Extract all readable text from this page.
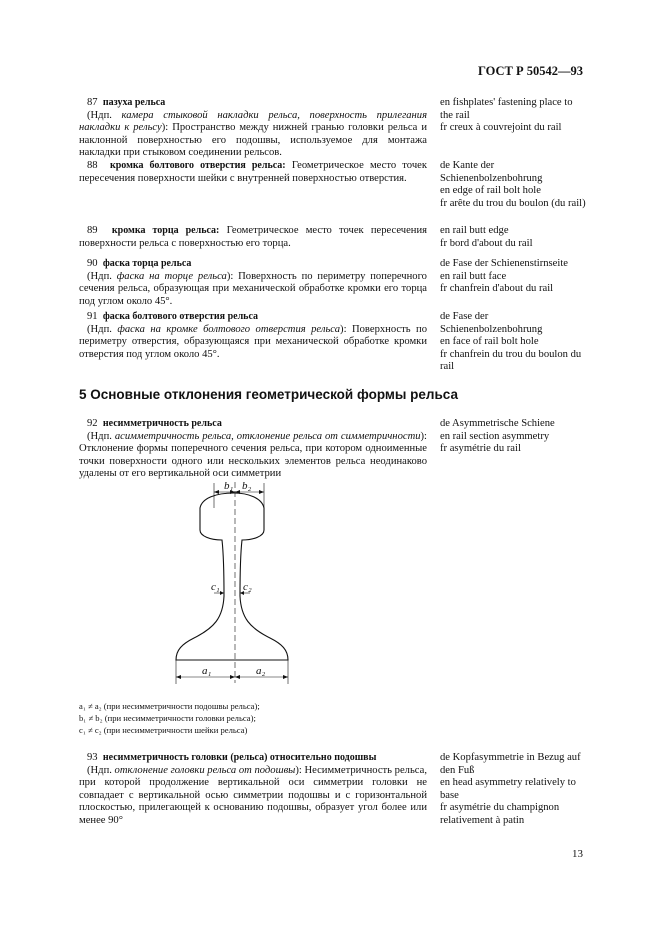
ГОСТ Р 50542—93

87 пазуха рельса

(Ндп. камера стыковой накладки рельса, поверхность прилегания накладки к рельсу): Пространство между нижней гранью головки рельса и наклонной поверхностью его подошвы, используемое для монтажа накладки при стыковом соединении рельсов.

en fishplates' fastening place to the rail
fr creux à couvrejoint du rail

88 кромка болтового отверстия рельса: Геометрическое место точек пересечения поверхности шейки с внутренней поверхностью отверстия.

de Kante der Schienenbolzenbohrung
en edge of rail bolt hole
fr arête du trou du boulon (du rail)

89 кромка торца рельса: Геометрическое место точек пересечения поверхности рельса с поверхностью его торца.

en rail butt edge
fr bord d'about du rail

90 фаска торца рельса

(Ндп. фаска на торце рельса): Поверхность по периметру поперечного сечения рельса, образующая при механической обработке кромки его торца под углом около 45°.

de Fase der Schienenstirnseite
en rail butt face
fr chanfrein d'about du rail

91 фаска болтового отверстия рельса

(Ндп. фаска на кромке болтового отверстия рельса): Поверхность по периметру отверстия, образующаяся при механической обработке кромки отверстия под углом около 45°.

de Fase der Schienenbolzenbohrung
en face of rail bolt hole
fr chanfrein du trou du boulon du rail
5 Основные отклонения геометрической формы рельса

92 несимметричность рельса

(Ндп. асимметричность рельса, отклонение рельса от симметричности): Отклонение формы поперечного сечения рельса, при котором одноименные точки поверхности одного или нескольких элементов рельса неодинаково удалены от его вертикальной оси симметрии

de Asymmetrische Schiene
en rail section asymmetry
fr asymétrie du rail
b₁ b₂
c₁ c₂
a₁	a₂
a₁ ≠ a₂ (при несимметричности подошвы рельса);
b₁ ≠ b₂ (при несимметричности головки рельса);
c₁ ≠ c₂ (при несимметричности шейки рельса)

93 несимметричность головки (рельса) относительно подошвы

(Ндп. отклонение головки рельса от подошвы): Несимметричность рельса, при которой продолжение вертикальной оси симметрии головки не совпадает с вертикальной осью симметрии подошвы и с горизонтальной плоскостью, прилегающей к основанию подошвы, образует угол более или менее 90°

de Kopfasymmetrie in Bezug auf den Fuß
en head asymmetry relatively to base
fr asymétrie du champignon relativement à patin
13
